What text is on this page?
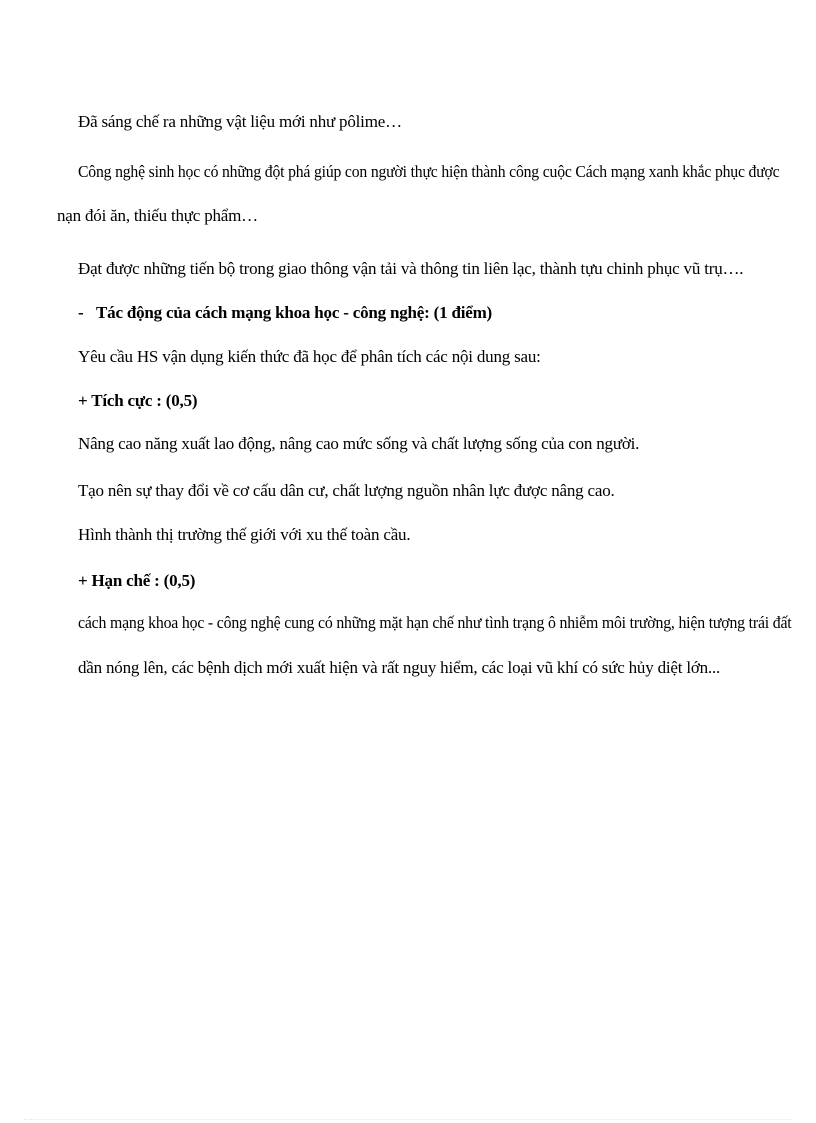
Đã sáng chế ra những vật liệu mới như pôlime…
Công nghệ sinh học có những đột phá giúp con người thực hiện thành công cuộc Cách mạng xanh khắc phục được
nạn đói ăn, thiếu thực phẩm…
Đạt được những tiến bộ trong giao thông vận tải và thông tin liên lạc, thành tựu chinh phục vũ trụ….
- Tác động của cách mạng khoa học - công nghệ: (1 điểm)
Yêu cầu HS vận dụng kiến thức đã học để phân tích các nội dung sau:
+ Tích cực : (0,5)
Nâng cao năng xuất lao động, nâng cao mức sống và chất lượng sống của con người.
Tạo nên sự thay đổi về cơ cấu dân cư, chất lượng nguồn nhân lực được nâng cao.
Hình thành thị trường thế giới với xu thế toàn cầu.
+ Hạn chế : (0,5)
cách mạng khoa học - công nghệ cung có những mặt hạn chế như tình trạng ô nhiễm môi trường, hiện tượng trái đất
dần nóng lên, các bệnh dịch mới xuất hiện và rất nguy hiểm, các loại vũ khí có sức hủy diệt lớn...
